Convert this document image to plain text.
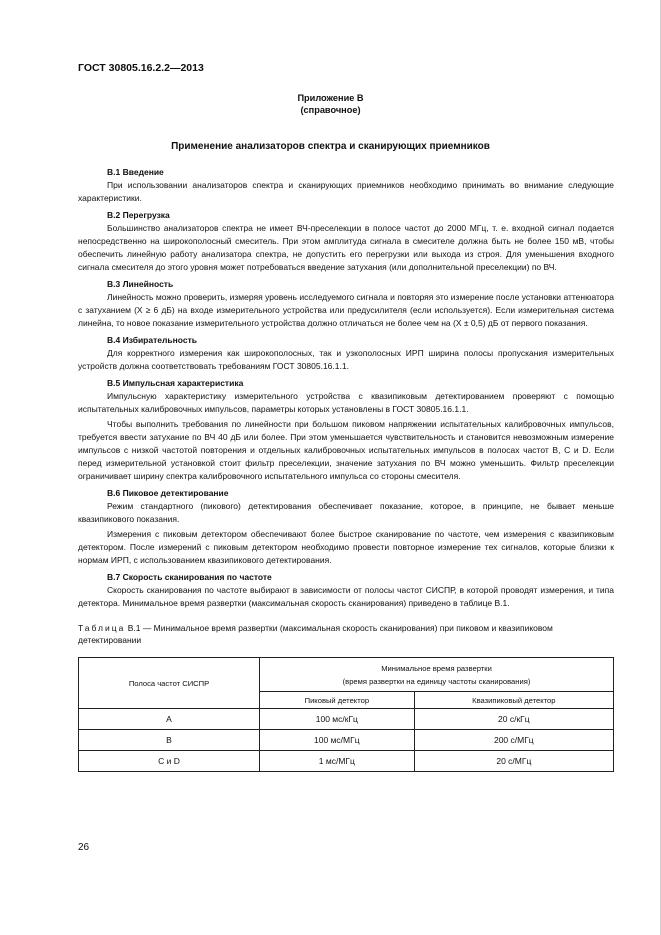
ГОСТ 30805.16.2.2—2013
Приложение В
(справочное)
Применение анализаторов спектра и сканирующих приемников

В.1 Введение

При использовании анализаторов спектра и сканирующих приемников необходимо принимать во внимание следующие характеристики.

В.2 Перегрузка

Большинство анализаторов спектра не имеет ВЧ-преселекции в полосе частот до 2000 МГц, т. е. входной сигнал подается непосредственно на широкополосный смеситель. При этом амплитуда сигнала в смесителе должна быть не более 150 мВ, чтобы обеспечить линейную работу анализатора спектра, не допустить его перегрузки или выхода из строя. Для уменьшения входного сигнала смесителя до этого уровня может потребоваться введение затухания (или дополнительной преселекции) по ВЧ.

В.3 Линейность

Линейность можно проверить, измеряя уровень исследуемого сигнала и повторяя это измерение после установки аттенюатора с затуханием (X ≥ 6 дБ) на входе измерительного устройства или предусилителя (если используется). Если измерительная система линейна, то новое показание измерительного устройства должно отличаться не более чем на (X ± 0,5) дБ от первого показания.

В.4 Избирательность

Для корректного измерения как широкополосных, так и узкополосных ИРП ширина полосы пропускания измерительных устройств должна соответствовать требованиям ГОСТ 30805.16.1.1.

В.5 Импульсная характеристика

Импульсную характеристику измерительного устройства с квазипиковым детектированием проверяют с помощью испытательных калибровочных импульсов, параметры которых установлены в ГОСТ 30805.16.1.1.

Чтобы выполнить требования по линейности при большом пиковом напряжении испытательных калибровочных импульсов, требуется ввести затухание по ВЧ 40 дБ или более. При этом уменьшается чувствительность и становится невозможным измерение импульсов с низкой частотой повторения и отдельных калибровочных испытательных импульсов в полосах частот В, С и D. Если перед измерительной установкой стоит фильтр преселекции, значение затухания по ВЧ можно уменьшить. Фильтр преселекции ограничивает ширину спектра калибровочного испытательного импульса со стороны смесителя.

В.6 Пиковое детектирование

Режим стандартного (пикового) детектирования обеспечивает показание, которое, в принципе, не бывает меньше квазипикового показания.

Измерения с пиковым детектором обеспечивают более быстрое сканирование по частоте, чем измерения с квазипиковым детектором. После измерений с пиковым детектором необходимо провести повторное измерение тех сигналов, которые близки к нормам ИРП, с использованием квазипикового детектирования.

В.7 Скорость сканирования по частоте

Скорость сканирования по частоте выбирают в зависимости от полосы частот СИСПР, в которой проводят измерения, и типа детектора. Минимальное время развертки (максимальная скорость сканирования) приведено в таблице В.1.

Таблица В.1 — Минимальное время развертки (максимальная скорость сканирования) при пиковом и квазипиковом детектировании
Полоса частот СИСПР	Минимальное время развертки
(время развертки на единицу частоты сканирования)	

	Пиковый детектор	Квазипиковый детектор
А	100 мс/кГц	20 с/кГц
В	100 мс/МГц	200 с/МГц
С и D	1 мс/МГц	20 с/МГц
26
